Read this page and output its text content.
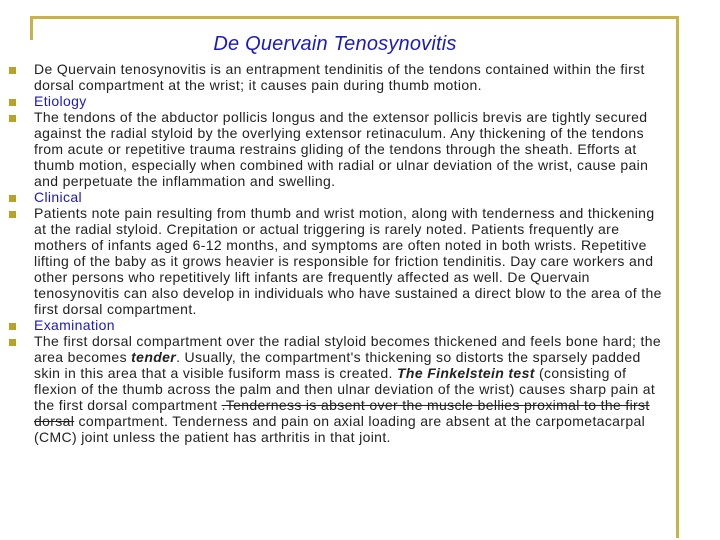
De Quervain Tenosynovitis
De Quervain tenosynovitis is an entrapment tendinitis of the tendons contained within the first dorsal compartment at the wrist; it causes pain during thumb motion.
Etiology
The tendons of the abductor pollicis longus and the extensor pollicis brevis are tightly secured against the radial styloid by the overlying extensor retinaculum. Any thickening of the tendons from acute or repetitive trauma restrains gliding of the tendons through the sheath. Efforts at thumb motion, especially when combined with radial or ulnar deviation of the wrist, cause pain and perpetuate the inflammation and swelling.
Clinical
Patients note pain resulting from thumb and wrist motion, along with tenderness and thickening at the radial styloid. Crepitation or actual triggering is rarely noted. Patients frequently are mothers of infants aged 6-12 months, and symptoms are often noted in both wrists. Repetitive lifting of the baby as it grows heavier is responsible for friction tendinitis. Day care workers and other persons who repetitively lift infants are frequently affected as well. De Quervain tenosynovitis can also develop in individuals who have sustained a direct blow to the area of the first dorsal compartment.
Examination
The first dorsal compartment over the radial styloid becomes thickened and feels bone hard; the area becomes tender. Usually, the compartment's thickening so distorts the sparsely padded skin in this area that a visible fusiform mass is created. The Finkelstein test (consisting of flexion of the thumb across the palm and then ulnar deviation of the wrist) causes sharp pain at the first dorsal compartment .Tenderness is absent over the muscle bellies proximal to the first dorsal compartment. Tenderness and pain on axial loading are absent at the carpometacarpal (CMC) joint unless the patient has arthritis in that joint.
